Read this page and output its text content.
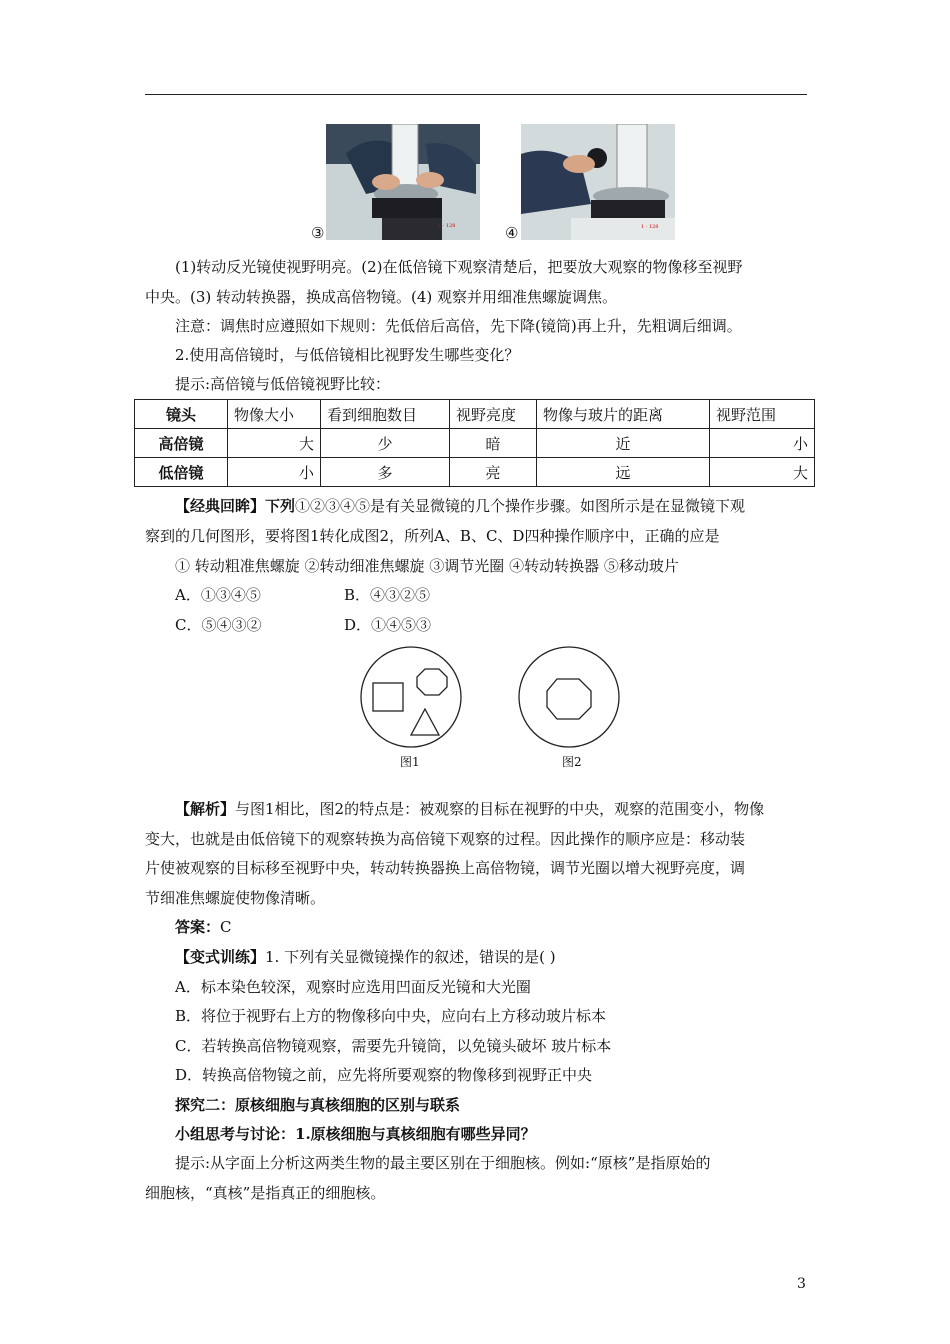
1 · 128
③	1 · 128
④
(1)转动反光镜使视野明亮。(2)在低倍镜下观察清楚后，把要放大观察的物像移至视野
中央。(3) 转动转换器，换成高倍物镜。(4) 观察并用细准焦螺旋调焦。
注意：调焦时应遵照如下规则：先低倍后高倍，先下降(镜筒)再上升，先粗调后细调。
2.使用高倍镜时，与低倍镜相比视野发生哪些变化？
提示:高倍镜与低倍镜视野比较：
镜头	物像大小	看到细胞数目	视野亮度	物像与玻片的距离	视野范围
高倍镜	大	少	暗	近	小
低倍镜	小	多	亮	远	大
【经典回眸】下列①②③④⑤是有关显微镜的几个操作步骤。如图所示是在显微镜下观
察到的几何图形，要将图1转化成图2，所列A、B、C、D四种操作顺序中，正确的应是
① 转动粗准焦螺旋 ②转动细准焦螺旋 ③调节光圈 ④转动转换器 ⑤移动玻片
A．①③④⑤	B．④③②⑤
C．⑤④③②	D．①④⑤③
图1	图2
【解析】与图1相比，图2的特点是：被观察的目标在视野的中央，观察的范围变小，物像
变大，也就是由低倍镜下的观察转换为高倍镜下观察的过程。因此操作的顺序应是：移动装
片使被观察的目标移至视野中央，转动转换器换上高倍物镜，调节光圈以增大视野亮度，调
节细准焦螺旋使物像清晰。
答案：C
【变式训练】1. 下列有关显微镜操作的叙述，错误的是( )
A．标本染色较深，观察时应选用凹面反光镜和大光圈
B．将位于视野右上方的物像移向中央，应向右上方移动玻片标本
C．若转换高倍物镜观察，需要先升镜筒，以免镜头破坏 玻片标本
D．转换高倍物镜之前，应先将所要观察的物像移到视野正中央
探究二：原核细胞与真核细胞的区别与联系
小组思考与讨论：1.原核细胞与真核细胞有哪些异同？
提示:从字面上分析这两类生物的最主要区别在于细胞核。例如:“原核”是指原始的
细胞核，“真核”是指真正的细胞核。
3
